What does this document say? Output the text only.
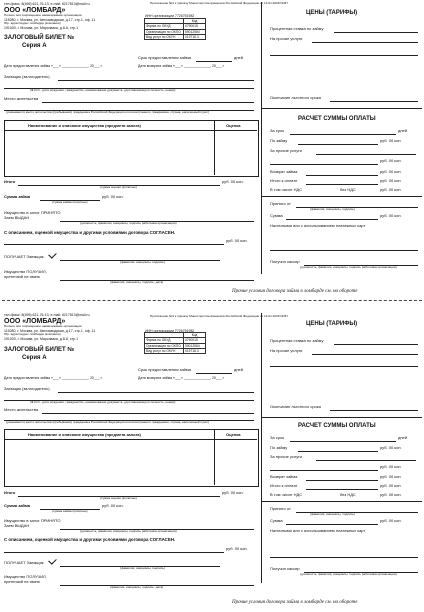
тел./факс: 8(495) 621-76-13, e-mail: 6217813@mail.ru
ООО «ЛОМБАРД»
Полное или сокращенное наименование организации
115280, г. Москва, ул. Автозаводская, д.17, стр.1, оф. 11
Юр. адрес/Адрес ломбарда (компании)
191000, г. Москва, ул. Марсовака, д.8-6, стр.1
Приложение №1 к приказу Министерства финансов Российской Федерации от 14.01.2008 №3Н
ИНН организации 7726751982
	Код
Форма по ОКУД	0790015
Организация по ОКПО	59012584
Вид услуг по ОКУН	019718.3
ЗАЛОГОВЫЙ БИЛЕТ №
Серия А
Срок предоставления займа	дней
Дата предоставления займа «___» ______________ 20___ г.	Дата возврата займа «___» ______________ 20___ г.
Заемщик (залогодатель)
(Ф.И.О., дата рождения, гражданство, наименование документа, удостоверяющего личность, номер)
Место жительства
(указывается место жительства (пребывания) гражданина Российской Федерации или иностранного гражданина, страна, населенный пункт)
Наименование и описание имущества (предмета залога)	Оценка
Итого	руб. 00 коп.
(сумма оценки прописью)
Сумма займа	руб. 00 коп.
(сумма займа прописью)
Имущество в залог ПРИНЯТО
Заем ВЫДАН
(должность, фамилия, инициалы, подпись работника организации)
С описанием, оценкой имущества и другими условиями договора СОГЛАСЕН.
руб. 00 коп.
ПОЛУЧАЕТ Заемщик
(фамилия, инициалы, подпись)
Имущество ПОЛУЧИЛ,
претензий не имею
(фамилия, инициалы, подпись, дата)
ЦЕНЫ (ТАРИФЫ)
Процентная ставка по займу
На прочие услуги
Окончание льготного срока
РАСЧЕТ СУММЫ ОПЛАТЫ
За срок	дней
По займу	руб. 00 коп.
За прочие услуги
руб. 00 коп.
Возврат займа	руб. 00 коп.
Итого к оплате	руб. 00 коп.
В том числе НДС	без НДС	руб. 00 коп.
Принято от
(фамилия, инициалы, подпись)
Сумма	руб. 00 коп.
Наличными или с использованием платежных карт
Получил кассир
(должность, фамилия, инициалы, подпись работника организации)
Прочие условия договора займа в ломбарде см. на обороте
тел./факс: 8(495) 621-76-13, e-mail: 6217813@mail.ru
ООО «ЛОМБАРД»
Полное или сокращенное наименование организации
115280, г. Москва, ул. Автозаводская, д.17, стр.1, оф. 11
Юр. адрес/Адрес ломбарда (компании)
191000, г. Москва, ул. Марсовака, д.8-6, стр.1
Приложение №1 к приказу Министерства финансов Российской Федерации от 14.01.2008 №3Н
ИНН организации 7726751982
	Код
Форма по ОКУД	0790015
Организация по ОКПО	59012584
Вид услуг по ОКУН	019718.3
ЗАЛОГОВЫЙ БИЛЕТ №
Серия А
Срок предоставления займа	дней
Дата предоставления займа «___» ______________ 20___ г.	Дата возврата займа «___» ______________ 20___ г.
Заемщик (залогодатель)
(Ф.И.О., дата рождения, гражданство, наименование документа, удостоверяющего личность, номер)
Место жительства
(указывается место жительства (пребывания) гражданина Российской Федерации или иностранного гражданина, страна, населенный пункт)
Наименование и описание имущества (предмета залога)	Оценка
Итого	руб. 00 коп.
(сумма оценки прописью)
Сумма займа	руб. 00 коп.
(сумма займа прописью)
Имущество в залог ПРИНЯТО
Заем ВЫДАН
(должность, фамилия, инициалы, подпись работника организации)
С описанием, оценкой имущества и другими условиями договора СОГЛАСЕН.
руб. 00 коп.
ПОЛУЧАЕТ Заемщик
(фамилия, инициалы, подпись)
Имущество ПОЛУЧИЛ,
претензий не имею
(фамилия, инициалы, подпись, дата)
ЦЕНЫ (ТАРИФЫ)
Процентная ставка по займу
На прочие услуги
Окончание льготного срока
РАСЧЕТ СУММЫ ОПЛАТЫ
За срок	дней
По займу	руб. 00 коп.
За прочие услуги
руб. 00 коп.
Возврат займа	руб. 00 коп.
Итого к оплате	руб. 00 коп.
В том числе НДС	без НДС	руб. 00 коп.
Принято от
(фамилия, инициалы, подпись)
Сумма	руб. 00 коп.
Наличными или с использованием платежных карт
Получил кассир
(должность, фамилия, инициалы, подпись работника организации)
Прочие условия договора займа в ломбарде см. на обороте
